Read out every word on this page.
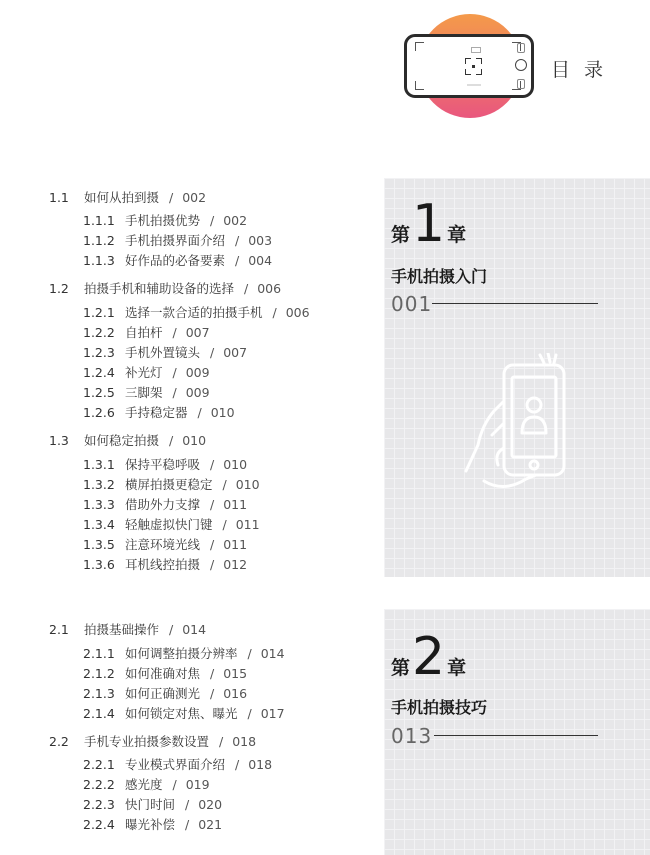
目 录
1.1 如何从拍到摄 / 002
1.1.1 手机拍摄优势 / 002
1.1.2 手机拍摄界面介绍 / 003
1.1.3 好作品的必备要素 / 004
1.2 拍摄手机和辅助设备的选择 / 006
1.2.1 选择一款合适的拍摄手机 / 006
1.2.2 自拍杆 / 007
1.2.3 手机外置镜头 / 007
1.2.4 补光灯 / 009
1.2.5 三脚架 / 009
1.2.6 手持稳定器 / 010
1.3 如何稳定拍摄 / 010
1.3.1 保持平稳呼吸 / 010
1.3.2 横屏拍摄更稳定 / 010
1.3.3 借助外力支撑 / 011
1.3.4 轻触虚拟快门键 / 011
1.3.5 注意环境光线 / 011
1.3.6 耳机线控拍摄 / 012
2.1 拍摄基础操作 / 014
2.1.1 如何调整拍摄分辨率 / 014
2.1.2 如何准确对焦 / 015
2.1.3 如何正确测光 / 016
2.1.4 如何锁定对焦、曝光 / 017
2.2 手机专业拍摄参数设置 / 018
2.2.1 专业模式界面介绍 / 018
2.2.2 感光度 / 019
2.2.3 快门时间 / 020
2.2.4 曝光补偿 / 021
第1 章
手机拍摄入门
001
第2 章
手机拍摄技巧
013
